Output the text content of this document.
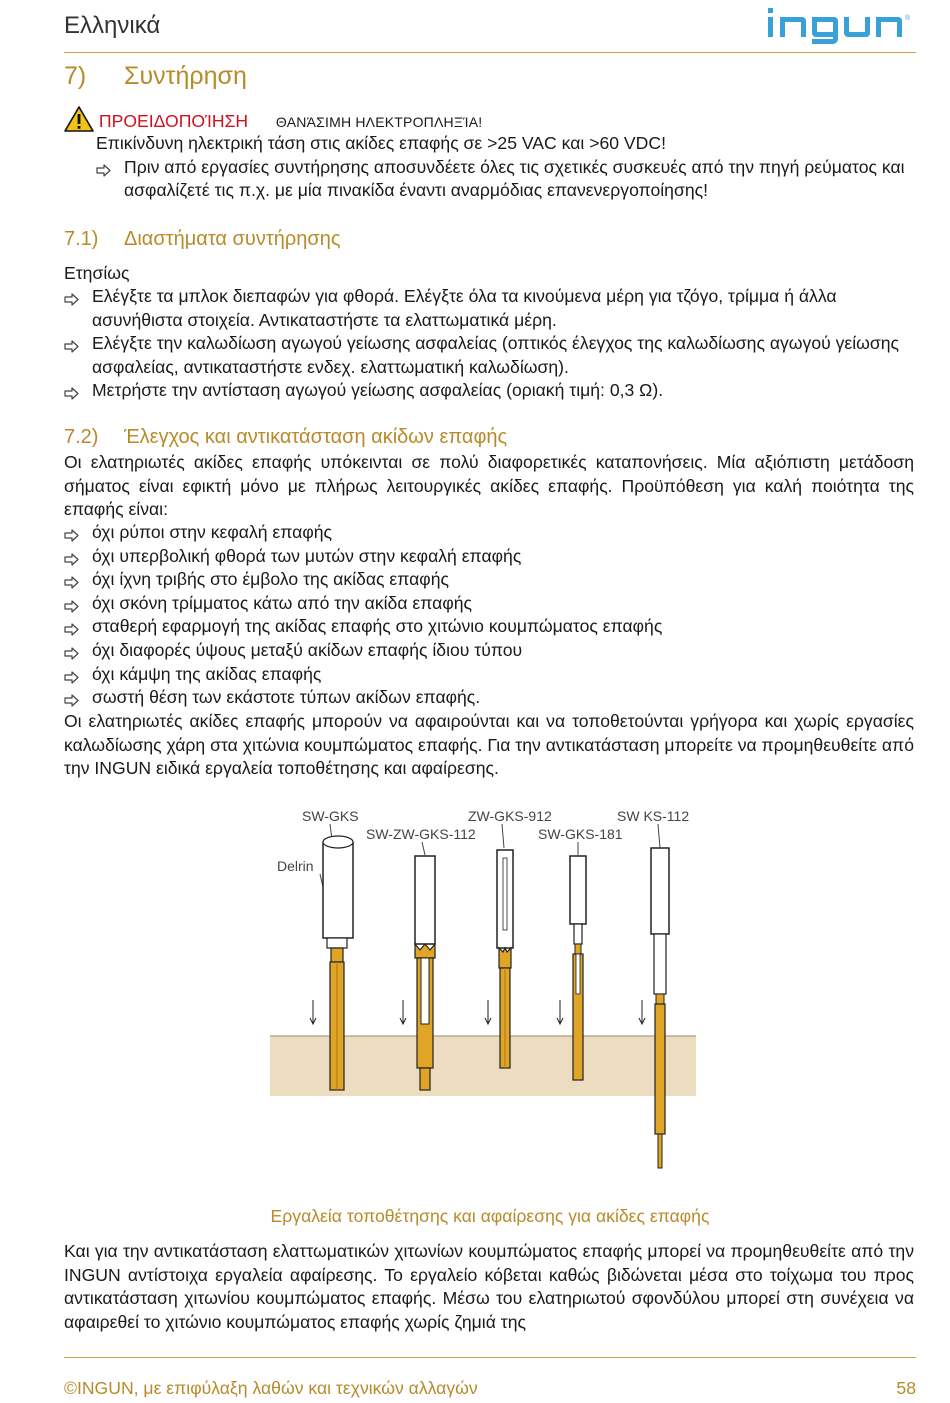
Ελληνικά	®
ingun
7) Συντήρηση
ΠΡΟΕΙΔΟΠΟΊΗΣΗ ΘΑΝΆΣΙΜΗ ΗΛΕΚΤΡΟΠΛΗΞΊΑ!
Επικίνδυνη ηλεκτρική τάση στις ακίδες επαφής σε >25 VAC και >60 VDC!
Πριν από εργασίες συντήρησης αποσυνδέετε όλες τις σχετικές συσκευές από την πηγή ρεύματος και ασφαλίζετέ τις π.χ. με μία πινακίδα έναντι αναρμόδιας επανενεργοποίησης!
7.1) Διαστήματα συντήρησης
Ετησίως
Ελέγξτε τα μπλοκ διεπαφών για φθορά. Ελέγξτε όλα τα κινούμενα μέρη για τζόγο, τρίμμα ή άλλα ασυνήθιστα στοιχεία. Αντικαταστήστε τα ελαττωματικά μέρη.
Ελέγξτε την καλωδίωση αγωγού γείωσης ασφαλείας (οπτικός έλεγχος της καλωδίωσης αγωγού γείωσης ασφαλείας, αντικαταστήστε ενδεχ. ελαττωματική καλωδίωση).
Μετρήστε την αντίσταση αγωγού γείωσης ασφαλείας (οριακή τιμή: 0,3 Ω).
7.2) Έλεγχος και αντικατάσταση ακίδων επαφής
Οι ελατηριωτές ακίδες επαφής υπόκεινται σε πολύ διαφορετικές καταπονήσεις. Μία αξιόπιστη μετάδοση σήματος είναι εφικτή μόνο με πλήρως λειτουργικές ακίδες επαφής. Προϋπόθεση για καλή ποιότητα της επαφής είναι:
όχι ρύποι στην κεφαλή επαφής
όχι υπερβολική φθορά των μυτών στην κεφαλή επαφής
όχι ίχνη τριβής στο έμβολο της ακίδας επαφής
όχι σκόνη τρίμματος κάτω από την ακίδα επαφής
σταθερή εφαρμογή της ακίδας επαφής στο χιτώνιο κουμπώματος επαφής
όχι διαφορές ύψους μεταξύ ακίδων επαφής ίδιου τύπου
όχι κάμψη της ακίδας επαφής
σωστή θέση των εκάστοτε τύπων ακίδων επαφής.
Οι ελατηριωτές ακίδες επαφής μπορούν να αφαιρούνται και να τοποθετούνται γρήγορα και χωρίς εργασίες καλωδίωσης χάρη στα χιτώνια κουμπώματος επαφής. Για την αντικατάσταση μπορείτε να προμηθευθείτε από την INGUN ειδικά εργαλεία τοποθέτησης και αφαίρεσης.
SW-GKS
SW-ZW-GKS-112
ZW-GKS-912
SW-GKS-181
SW KS-112
Delrin
Εργαλεία τοποθέτησης και αφαίρεσης για ακίδες επαφής
Και για την αντικατάσταση ελαττωματικών χιτωνίων κουμπώματος επαφής μπορεί να προμηθευθείτε από την INGUN αντίστοιχα εργαλεία αφαίρεσης. Το εργαλείο κόβεται καθώς βιδώνεται μέσα στο τοίχωμα του προς αντικατάσταση χιτωνίου κουμπώματος επαφής. Μέσω του ελατηριωτού σφονδύλου μπορεί στη συνέχεια να αφαιρεθεί το χιτώνιο κουμπώματος επαφής χωρίς ζημιά της
©INGUN, με επιφύλαξη λαθών και τεχνικών αλλαγών	58
